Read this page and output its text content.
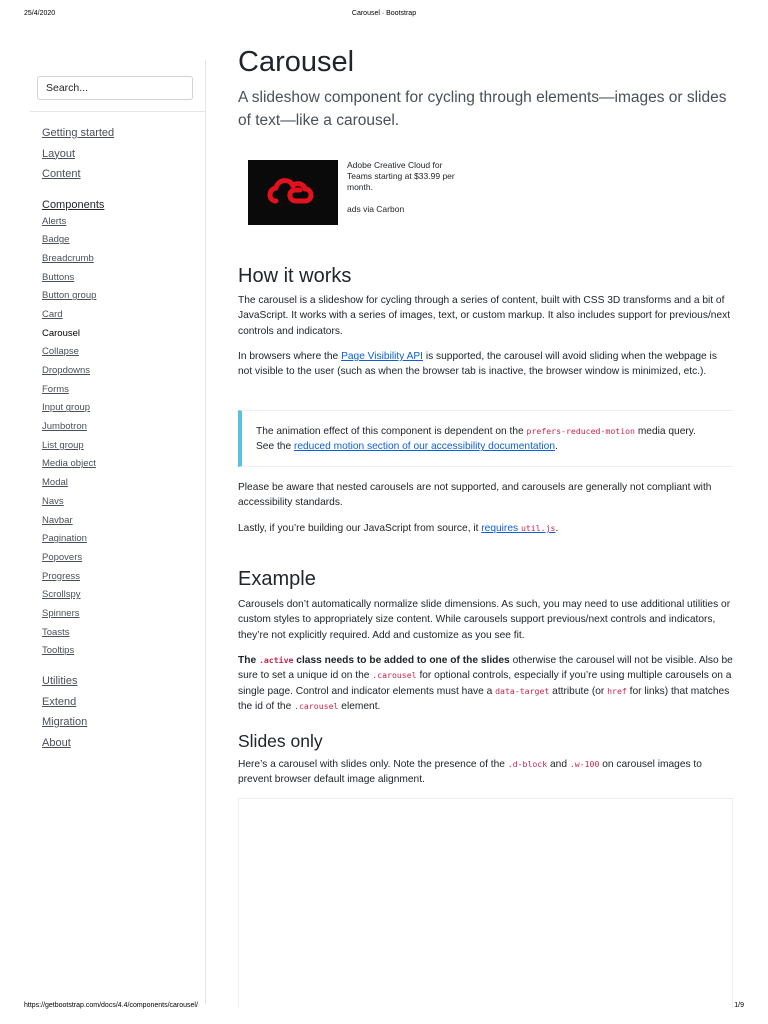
25/4/2020	Carousel · Bootstrap
Search...
Getting started
Layout
Content
Components
Alerts
Badge
Breadcrumb
Buttons
Button group
Card
Carousel
Collapse
Dropdowns
Forms
Input group
Jumbotron
List group
Media object
Modal
Navs
Navbar
Pagination
Popovers
Progress
Scrollspy
Spinners
Toasts
Tooltips
Utilities
Extend
Migration
About
Carousel

A slideshow component for cycling through elements—images or slides of text—like a carousel.

Adobe Creative Cloud for Teams starting at $33.99 per month.
ads via Carbon
How it works

The carousel is a slideshow for cycling through a series of content, built with CSS 3D transforms and a bit of JavaScript. It works with a series of images, text, or custom markup. It also includes support for previous/next controls and indicators.

In browsers where the Page Visibility API is supported, the carousel will avoid sliding when the webpage is not visible to the user (such as when the browser tab is inactive, the browser window is minimized, etc.).

The animation effect of this component is dependent on the prefers-reduced-motion media query. See the reduced motion section of our accessibility documentation.

Please be aware that nested carousels are not supported, and carousels are generally not compliant with accessibility standards.

Lastly, if you’re building our JavaScript from source, it requires util.js.

Example

Carousels don’t automatically normalize slide dimensions. As such, you may need to use additional utilities or custom styles to appropriately size content. While carousels support previous/next controls and indicators, they’re not explicitly required. Add and customize as you see fit.

The .active class needs to be added to one of the slides otherwise the carousel will not be visible. Also be sure to set a unique id on the .carousel for optional controls, especially if you’re using multiple carousels on a single page. Control and indicator elements must have a data-target attribute (or href for links) that matches the id of the .carousel element.

Slides only

Here’s a carousel with slides only. Note the presence of the .d-block and .w-100 on carousel images to prevent browser default image alignment.

https://getbootstrap.com/docs/4.4/components/carousel/	1/9
